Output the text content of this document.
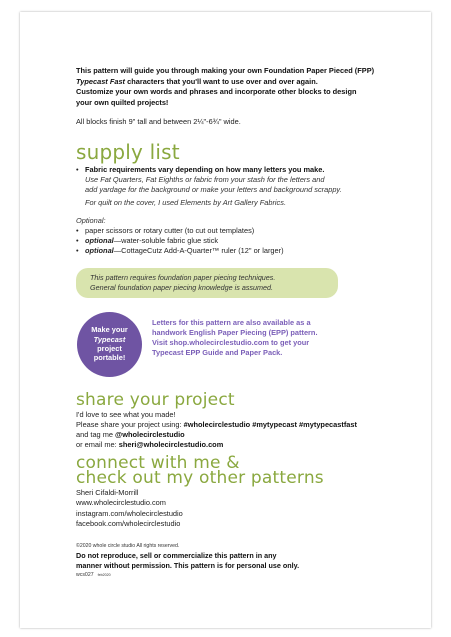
This pattern will guide you through making your own Foundation Paper Pieced (FPP)
Typecast Fast characters that you'll want to use over and over again.
Customize your own words and phrases and incorporate other blocks to design
your own quilted projects!

All blocks finish 9" tall and between 2¼"-6¾" wide.

supply list

• Fabric requirements vary depending on how many letters you make.

Use Fat Quarters, Fat Eighths or fabric from your stash for the letters and

add yardage for the background or make your letters and background scrappy.

For quilt on the cover, I used Elements by Art Gallery Fabrics.

Optional:

• paper scissors or rotary cutter (to cut out templates)
• optional—water-soluble fabric glue stick
• optional—CottageCutz Add-A-Quarter™ ruler (12" or larger)
This pattern requires foundation paper piecing techniques.
General foundation paper piecing knowledge is assumed.
Make your
Typecast
project
portable!
Letters for this pattern are also available as a
handwork English Paper Piecing (EPP) pattern.
Visit shop.wholecirclestudio.com to get your
Typecast EPP Guide and Paper Pack.
share your project

I'd love to see what you made!

Please share your project using: #wholecirclestudio #mytypecast #mytypecastfast

and tag me @wholecirclestudio

or email me: sheri@wholecirclestudio.com

connect with me &
check out my other patterns

Sheri Cifaldi-Morrill

www.wholecirclestudio.com

instagram.com/wholecirclestudio

facebook.com/wholecirclestudio

©2020 whole circle studio All rights reserved.

Do not reproduce, sell or commercialize this pattern in any
manner without permission. This pattern is for personal use only.

wcs027 feb2020
